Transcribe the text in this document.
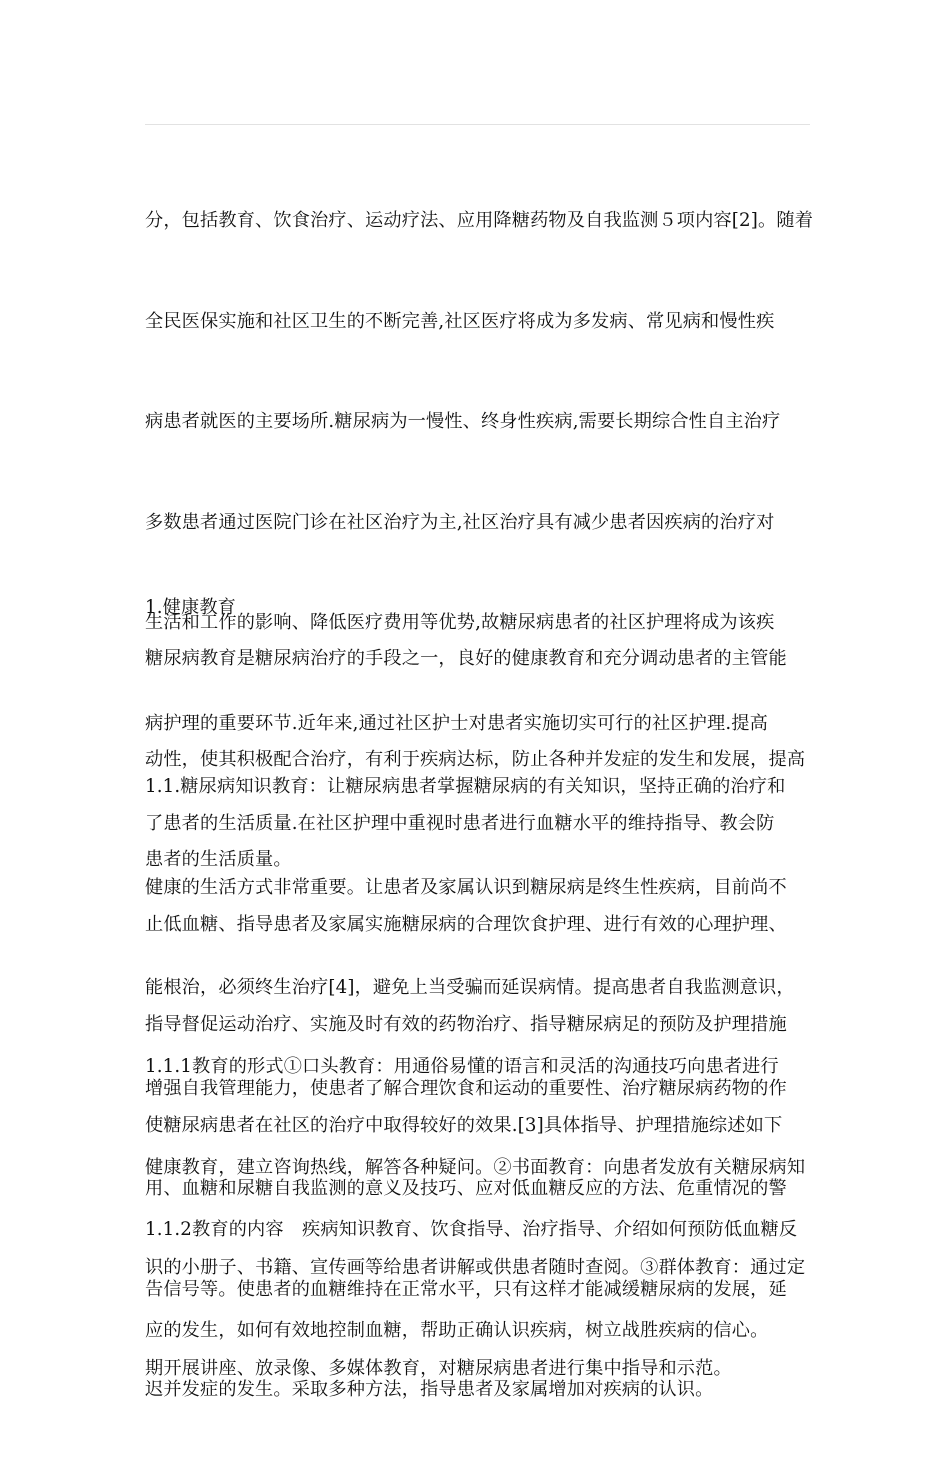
分，包括教育、饮食治疗、运动疗法、应用降糖药物及自我监测５项内容[2]。随着

全民医保实施和社区卫生的不断完善,社区医疗将成为多发病、常见病和慢性疾

病患者就医的主要场所.糖尿病为一慢性、终身性疾病,需要长期综合性自主治疗

多数患者通过医院门诊在社区治疗为主,社区治疗具有减少患者因疾病的治疗对

生活和工作的影响、降低医疗费用等优势,故糖尿病患者的社区护理将成为该疾

病护理的重要环节.近年来,通过社区护士对患者实施切实可行的社区护理.提高

了患者的生活质量.在社区护理中重视时患者进行血糖水平的维持指导、教会防

止低血糖、指导患者及家属实施糖尿病的合理饮食护理、进行有效的心理护理、

指导督促运动治疗、实施及时有效的药物治疗、指导糖尿病足的预防及护理措施

使糖尿病患者在社区的治疗中取得较好的效果.[3]具体指导、护理措施综述如下

1.健康教育

糖尿病教育是糖尿病治疗的手段之一，良好的健康教育和充分调动患者的主管能

动性，使其积极配合治疗，有利于疾病达标，防止各种并发症的发生和发展，提高

患者的生活质量。

1.1.糖尿病知识教育：让糖尿病患者掌握糖尿病的有关知识，坚持正确的治疗和

健康的生活方式非常重要。让患者及家属认识到糖尿病是终生性疾病，目前尚不

能根治，必须终生治疗[4]，避免上当受骗而延误病情。提高患者自我监测意识，

增强自我管理能力，使患者了解合理饮食和运动的重要性、治疗糖尿病药物的作

用、血糖和尿糖自我监测的意义及技巧、应对低血糖反应的方法、危重情况的警

告信号等。使患者的血糖维持在正常水平，只有这样才能减缓糖尿病的发展，延

迟并发症的发生。采取多种方法，指导患者及家属增加对疾病的认识。

1.1.1教育的形式①口头教育：用通俗易懂的语言和灵活的沟通技巧向患者进行

健康教育，建立咨询热线，解答各种疑问。②书面教育：向患者发放有关糖尿病知

识的小册子、书籍、宣传画等给患者讲解或供患者随时查阅。③群体教育：通过定

期开展讲座、放录像、多媒体教育，对糖尿病患者进行集中指导和示范。

1.1.2教育的内容　疾病知识教育、饮食指导、治疗指导、介绍如何预防低血糖反

应的发生，如何有效地控制血糖，帮助正确认识疾病，树立战胜疾病的信心。
